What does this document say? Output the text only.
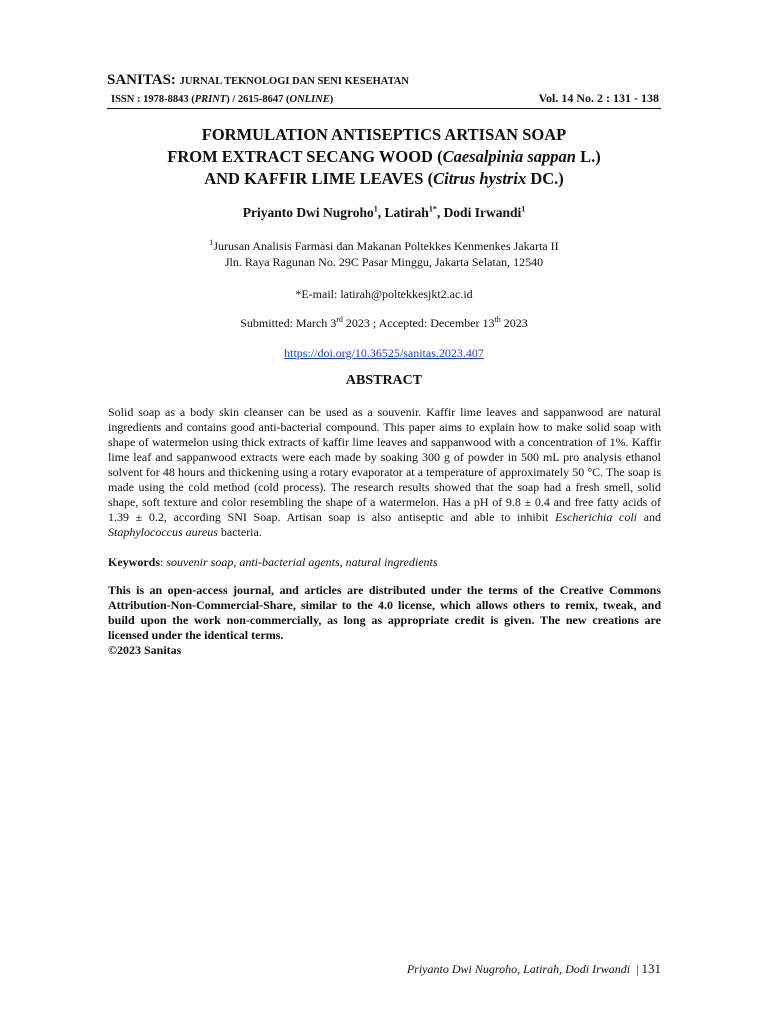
SANITAS: JURNAL TEKNOLOGI DAN SENI KESEHATAN
ISSN : 1978-8843 (PRINT) / 2615-8647 (ONLINE)	Vol. 14 No. 2 : 131 - 138
FORMULATION ANTISEPTICS ARTISAN SOAP
FROM EXTRACT SECANG WOOD (Caesalpinia sappan L.)
AND KAFFIR LIME LEAVES (Citrus hystrix DC.)
Priyanto Dwi Nugroho$^1$, Latirah$^{1*}$, Dodi Irwandi$^1$
$^1$Jurusan Analisis Farmasi dan Makanan Poltekkes Kenmenkes Jakarta II
Jln. Raya Ragunan No. 29C Pasar Minggu, Jakarta Selatan, 12540
*E-mail: latirah@poltekkesjkt2.ac.id
Submitted: March 3rd 2023 ; Accepted: December 13th 2023
https://doi.org/10.36525/sanitas.2023.407
ABSTRACT
Solid soap as a body skin cleanser can be used as a souvenir. Kaffir lime leaves and sappanwood are natural ingredients and contains good anti-bacterial compound. This paper aims to explain how to make solid soap with shape of watermelon using thick extracts of kaffir lime leaves and sappanwood with a concentration of 1%. Kaffir lime leaf and sappanwood extracts were each made by soaking 300 g of powder in 500 mL pro analysis ethanol solvent for 48 hours and thickening using a rotary evaporator at a temperature of approximately 50 °C. The soap is made using the cold method (cold process). The research results showed that the soap had a fresh smell, solid shape, soft texture and color resembling the shape of a watermelon. Has a pH of 9.8 ± 0.4 and free fatty acids of 1.39 ± 0.2, according SNI Soap. Artisan soap is also antiseptic and able to inhibit Escherichia coli and Staphylococcus aureus bacteria.
Keywords: souvenir soap, anti-bacterial agents, natural ingredients
This is an open-access journal, and articles are distributed under the terms of the Creative Commons Attribution-Non-Commercial-Share, similar to the 4.0 license, which allows others to remix, tweak, and build upon the work non-commercially, as long as appropriate credit is given. The new creations are licensed under the identical terms.
©2023 Sanitas
Priyanto Dwi Nugroho, Latirah, Dodi Irwandi | 131
